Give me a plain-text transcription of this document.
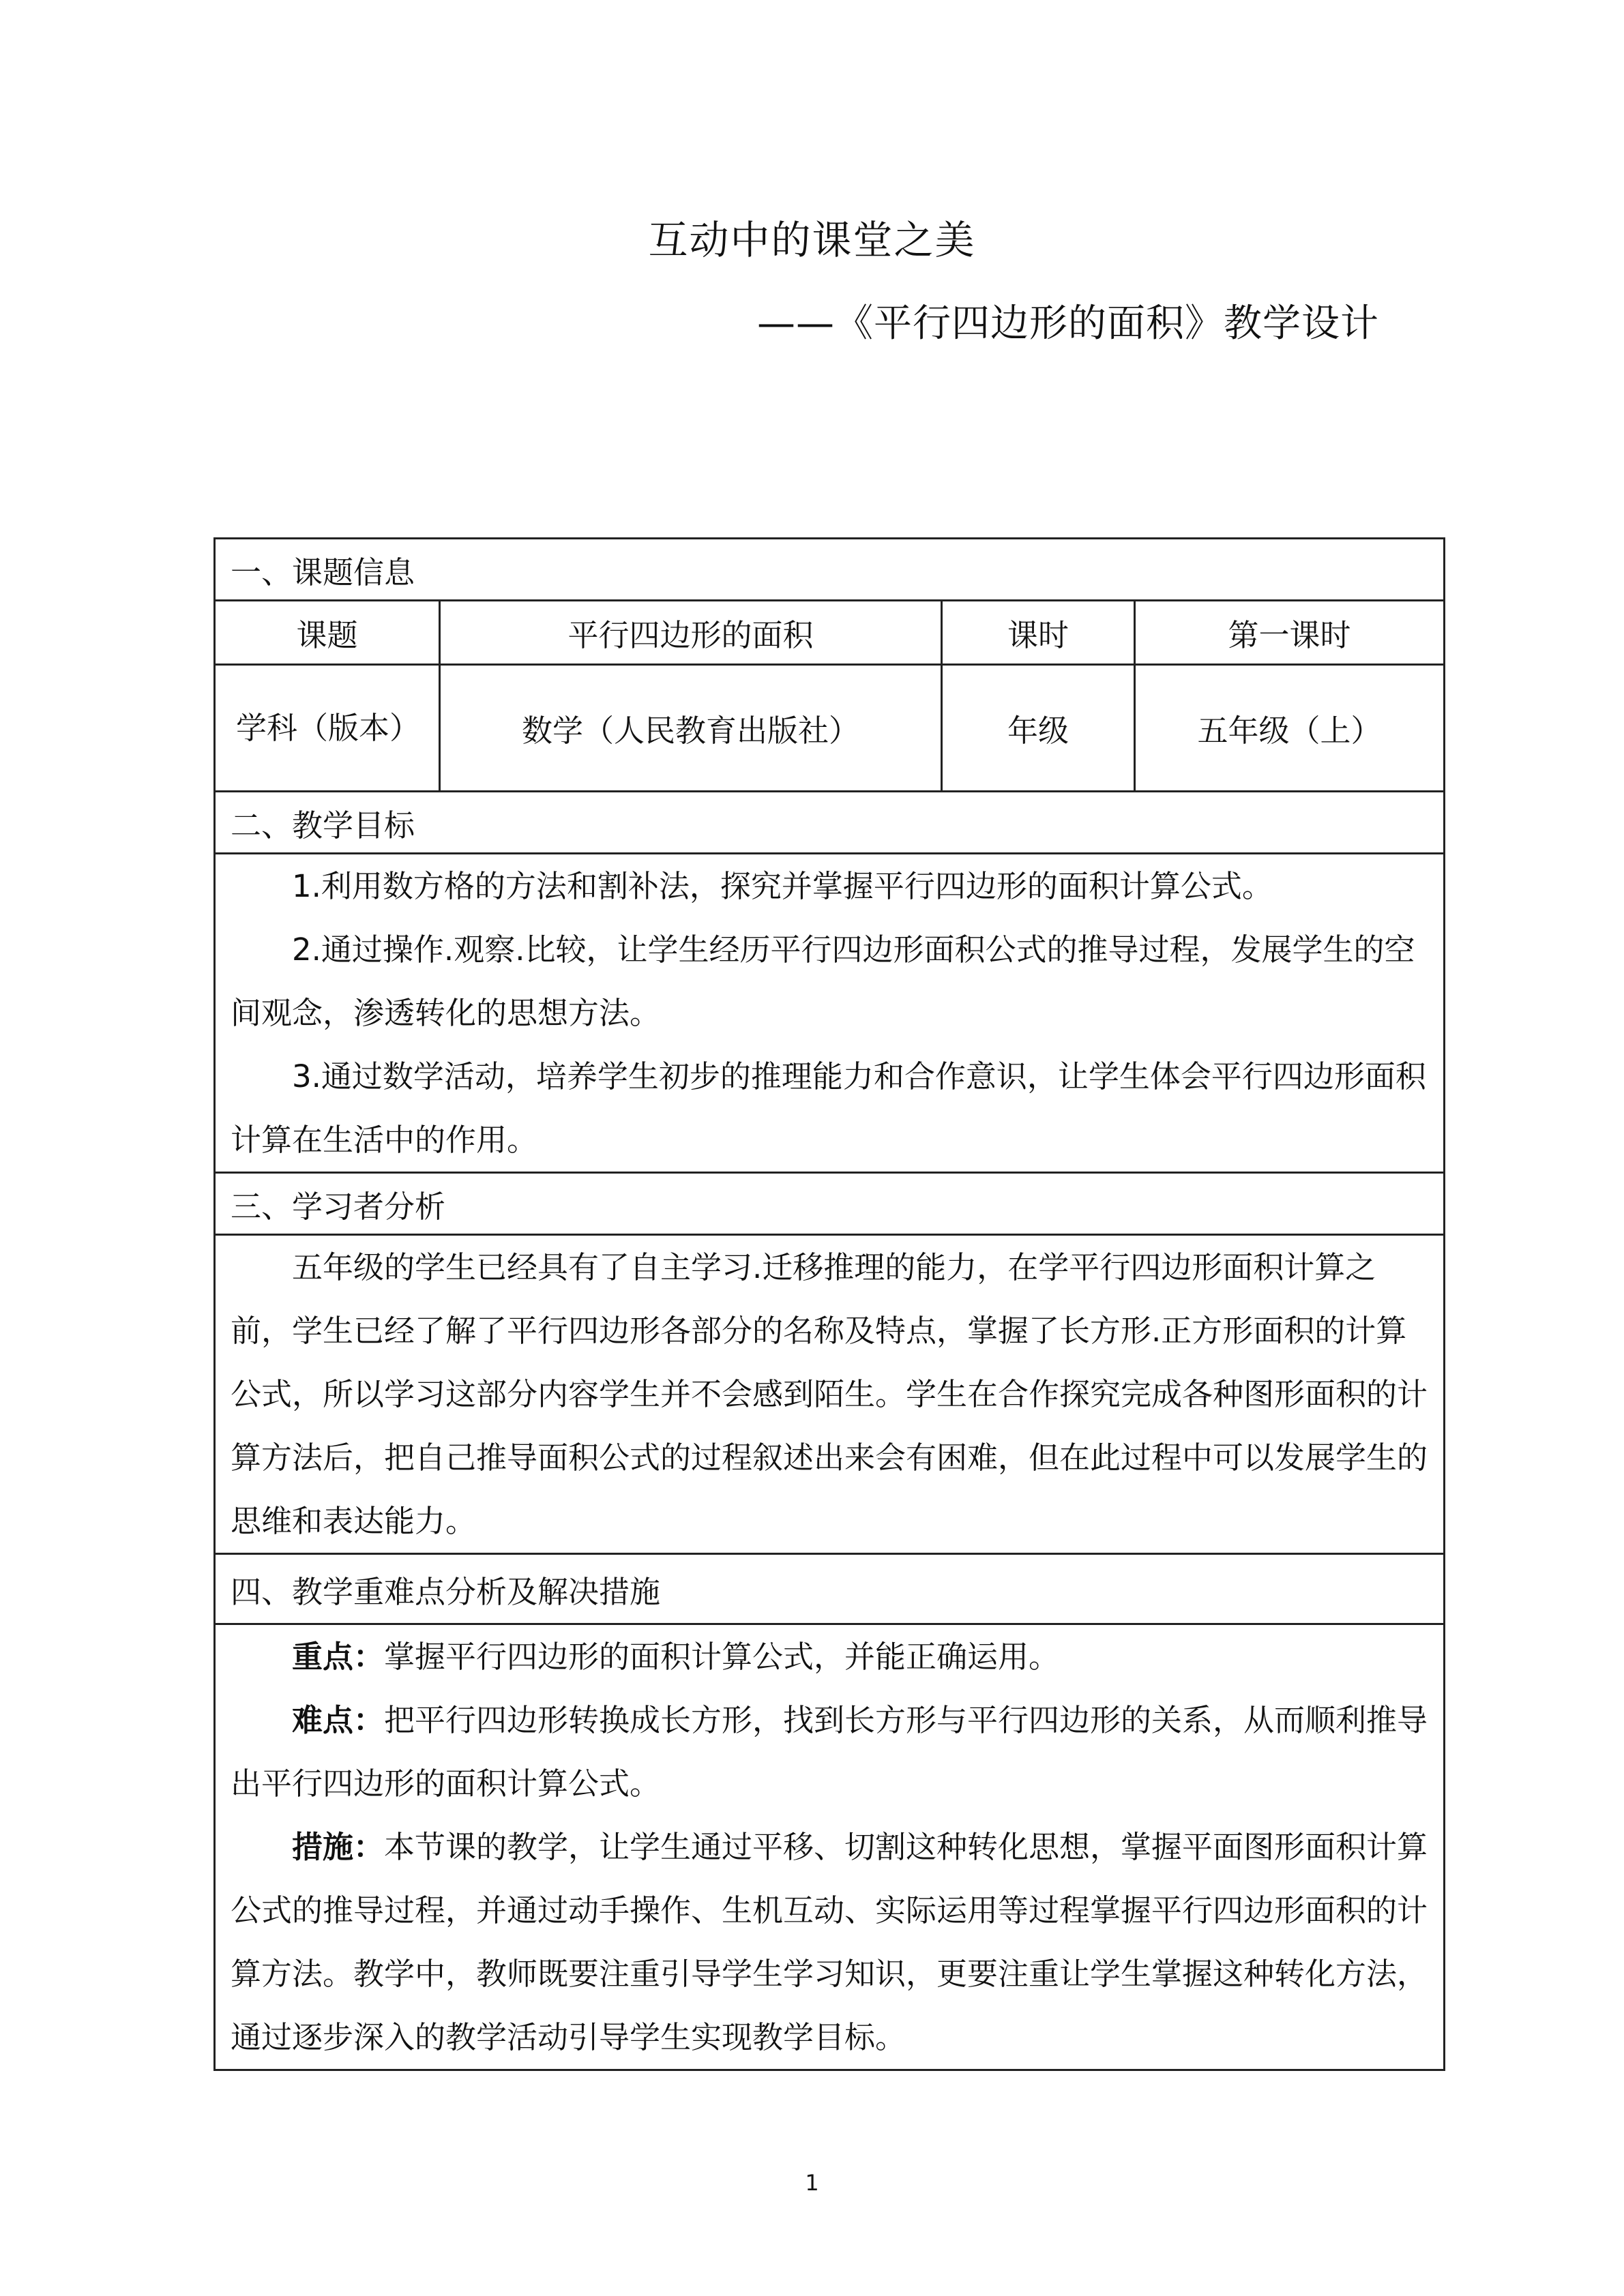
互动中的课堂之美
——《平行四边形的面积》教学设计
一、课题信息			
课题	平行四边形的面积	课时	第一课时
学科（版本）	数学（人民教育出版社）	年级	五年级（上）
二、教学目标			

1.利用数方格的方法和割补法，探究并掌握平行四边形的面积计算公式。

2.通过操作.观察.比较，让学生经历平行四边形面积公式的推导过程，发展学生的空间观念，渗透转化的思想方法。

3.通过数学活动，培养学生初步的推理能力和合作意识，让学生体会平行四边形面积计算在生活中的作用。			

三、学习者分析			

五年级的学生已经具有了自主学习.迁移推理的能力，在学平行四边形面积计算之前，学生已经了解了平行四边形各部分的名称及特点，掌握了长方形.正方形面积的计算公式，所以学习这部分内容学生并不会感到陌生。学生在合作探究完成各种图形面积的计算方法后，把自己推导面积公式的过程叙述出来会有困难，但在此过程中可以发展学生的思维和表达能力。			

四、教学重难点分析及解决措施			

重点：掌握平行四边形的面积计算公式，并能正确运用。

难点：把平行四边形转换成长方形，找到长方形与平行四边形的关系，从而顺利推导出平行四边形的面积计算公式。

措施：本节课的教学，让学生通过平移、切割这种转化思想，掌握平面图形面积计算公式的推导过程，并通过动手操作、生机互动、实际运用等过程掌握平行四边形面积的计算方法。教学中，教师既要注重引导学生学习知识，更要注重让学生掌握这种转化方法，通过逐步深入的教学活动引导学生实现教学目标。			

1
